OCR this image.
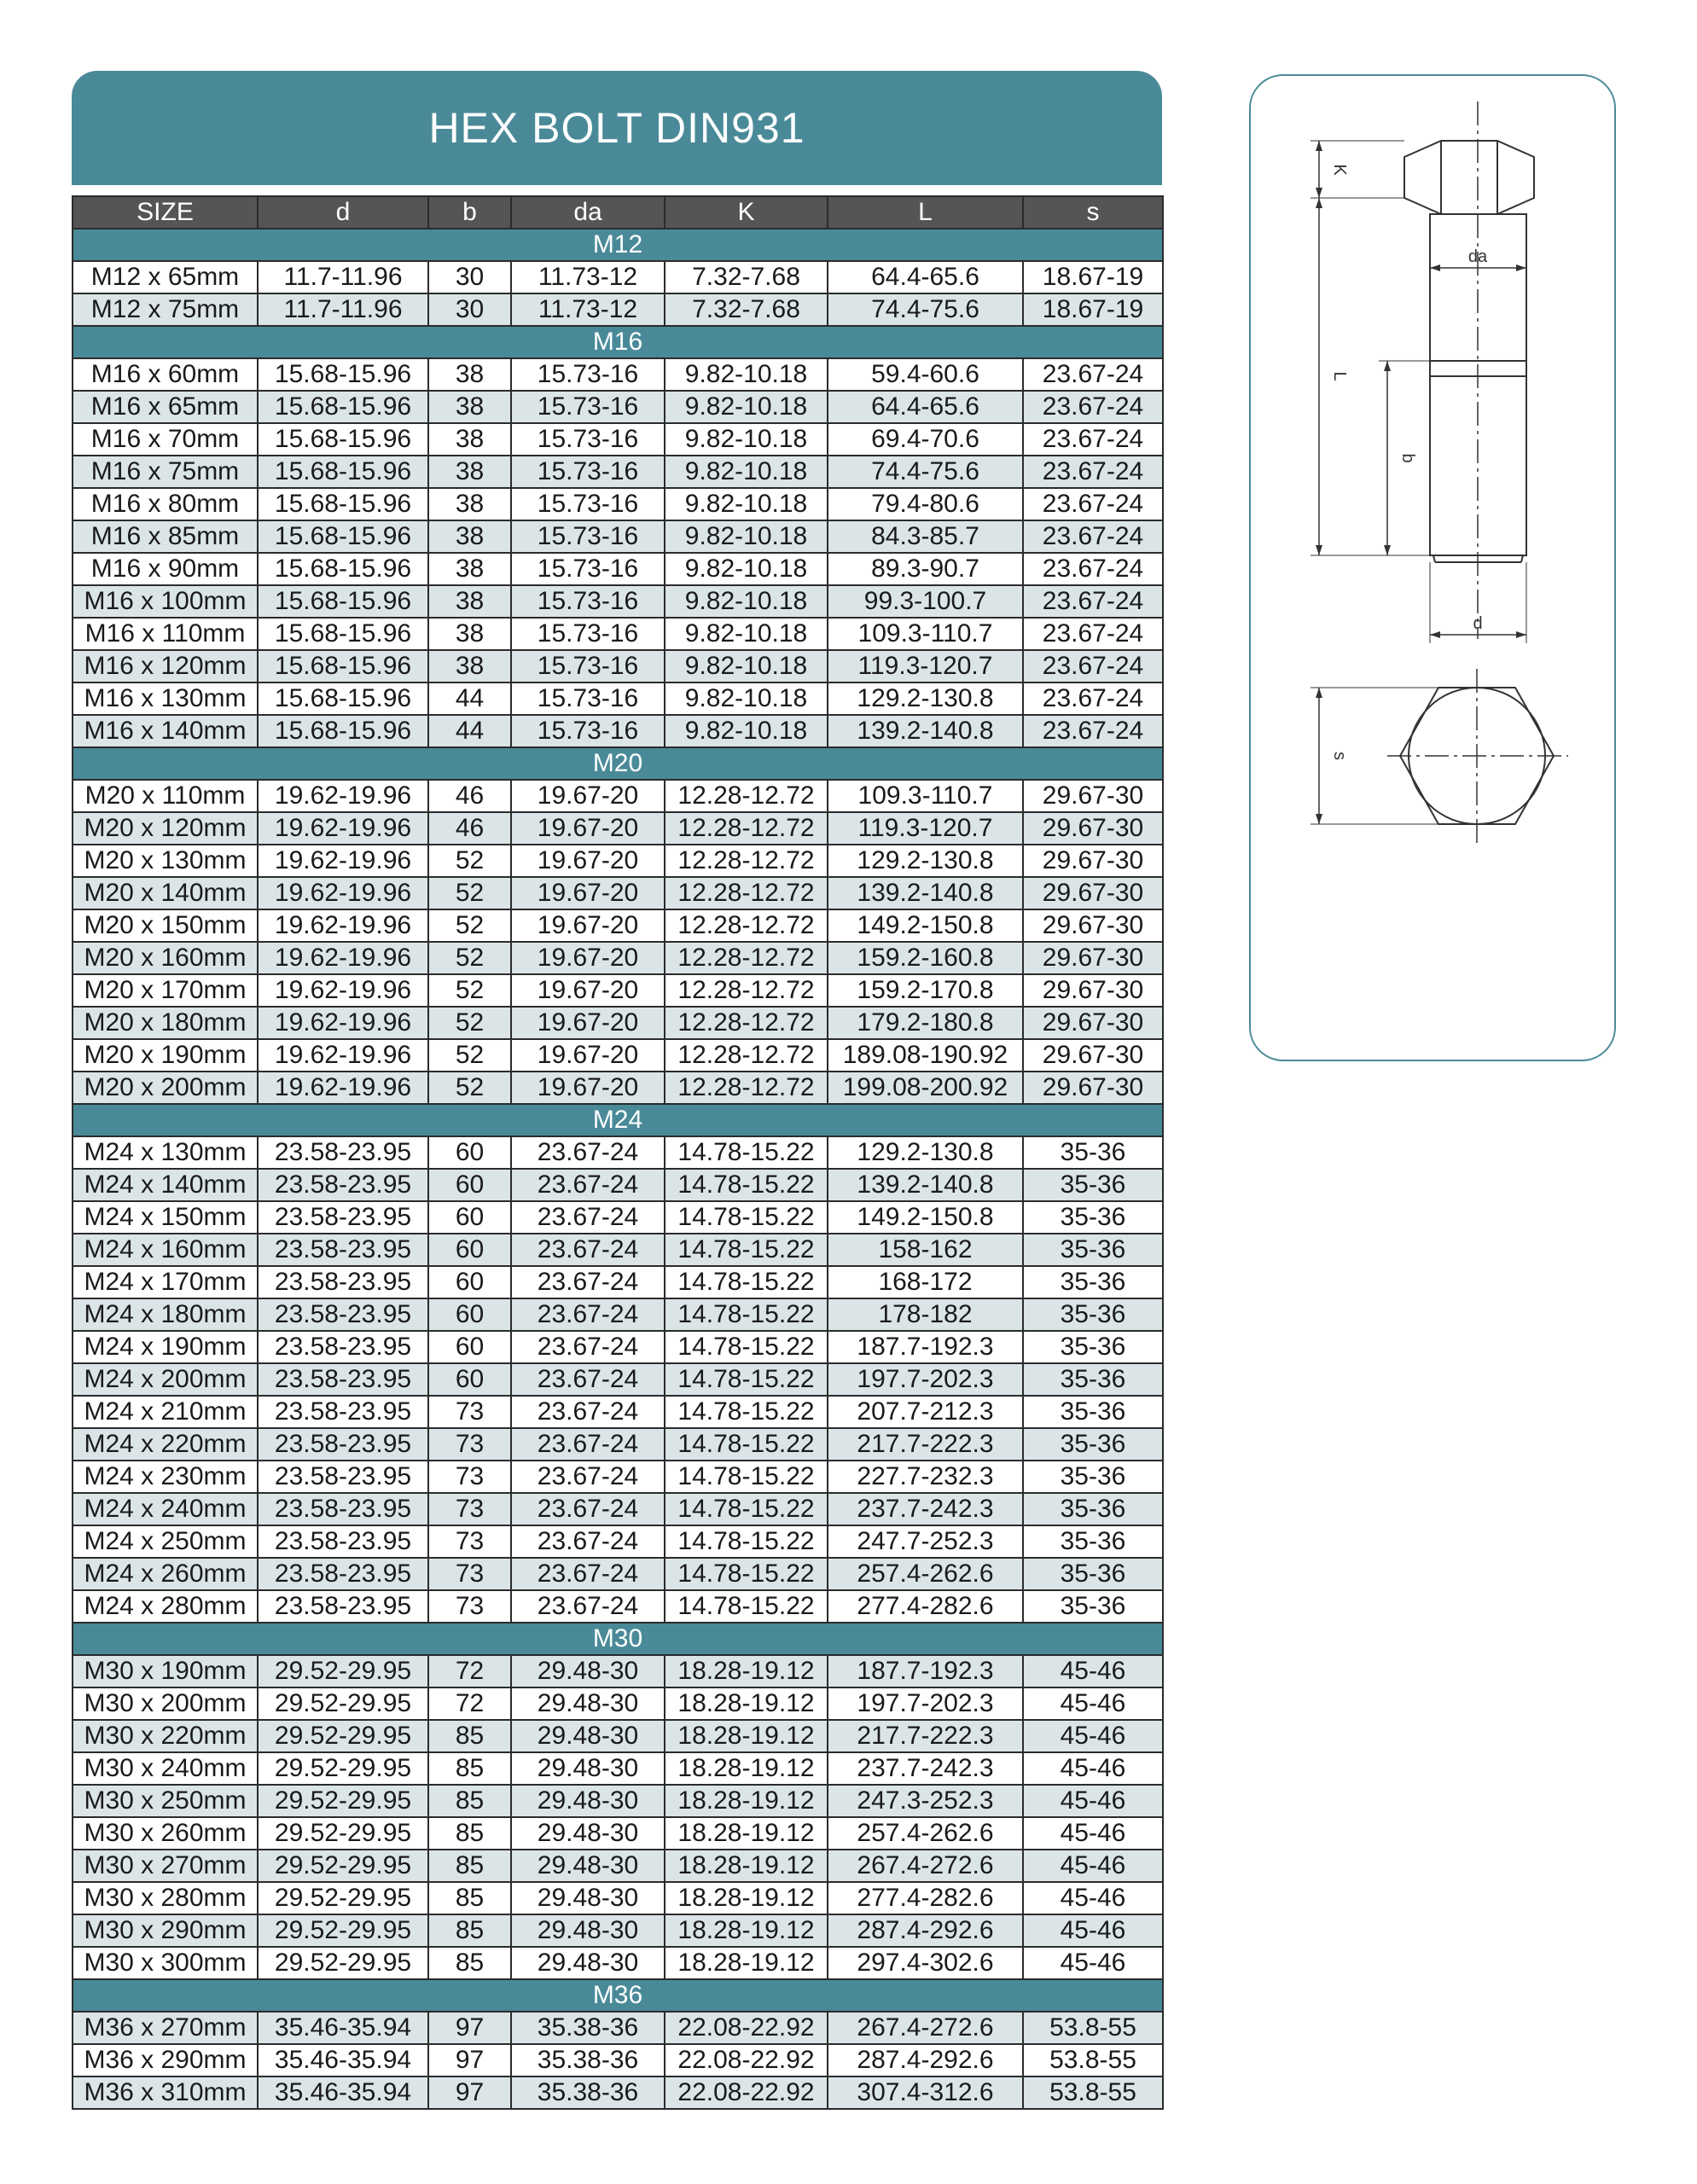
HEX BOLT DIN931
SIZE	d	b	da	K	L	s
M12						
M12 x 65mm	11.7-11.96	30	11.73-12	7.32-7.68	64.4-65.6	18.67-19
M12 x 75mm	11.7-11.96	30	11.73-12	7.32-7.68	74.4-75.6	18.67-19
M16						
M16 x 60mm	15.68-15.96	38	15.73-16	9.82-10.18	59.4-60.6	23.67-24
M16 x 65mm	15.68-15.96	38	15.73-16	9.82-10.18	64.4-65.6	23.67-24
M16 x 70mm	15.68-15.96	38	15.73-16	9.82-10.18	69.4-70.6	23.67-24
M16 x 75mm	15.68-15.96	38	15.73-16	9.82-10.18	74.4-75.6	23.67-24
M16 x 80mm	15.68-15.96	38	15.73-16	9.82-10.18	79.4-80.6	23.67-24
M16 x 85mm	15.68-15.96	38	15.73-16	9.82-10.18	84.3-85.7	23.67-24
M16 x 90mm	15.68-15.96	38	15.73-16	9.82-10.18	89.3-90.7	23.67-24
M16 x 100mm	15.68-15.96	38	15.73-16	9.82-10.18	99.3-100.7	23.67-24
M16 x 110mm	15.68-15.96	38	15.73-16	9.82-10.18	109.3-110.7	23.67-24
M16 x 120mm	15.68-15.96	38	15.73-16	9.82-10.18	119.3-120.7	23.67-24
M16 x 130mm	15.68-15.96	44	15.73-16	9.82-10.18	129.2-130.8	23.67-24
M16 x 140mm	15.68-15.96	44	15.73-16	9.82-10.18	139.2-140.8	23.67-24
M20						
M20 x 110mm	19.62-19.96	46	19.67-20	12.28-12.72	109.3-110.7	29.67-30
M20 x 120mm	19.62-19.96	46	19.67-20	12.28-12.72	119.3-120.7	29.67-30
M20 x 130mm	19.62-19.96	52	19.67-20	12.28-12.72	129.2-130.8	29.67-30
M20 x 140mm	19.62-19.96	52	19.67-20	12.28-12.72	139.2-140.8	29.67-30
M20 x 150mm	19.62-19.96	52	19.67-20	12.28-12.72	149.2-150.8	29.67-30
M20 x 160mm	19.62-19.96	52	19.67-20	12.28-12.72	159.2-160.8	29.67-30
M20 x 170mm	19.62-19.96	52	19.67-20	12.28-12.72	159.2-170.8	29.67-30
M20 x 180mm	19.62-19.96	52	19.67-20	12.28-12.72	179.2-180.8	29.67-30
M20 x 190mm	19.62-19.96	52	19.67-20	12.28-12.72	189.08-190.92	29.67-30
M20 x 200mm	19.62-19.96	52	19.67-20	12.28-12.72	199.08-200.92	29.67-30
M24						
M24 x 130mm	23.58-23.95	60	23.67-24	14.78-15.22	129.2-130.8	35-36
M24 x 140mm	23.58-23.95	60	23.67-24	14.78-15.22	139.2-140.8	35-36
M24 x 150mm	23.58-23.95	60	23.67-24	14.78-15.22	149.2-150.8	35-36
M24 x 160mm	23.58-23.95	60	23.67-24	14.78-15.22	158-162	35-36
M24 x 170mm	23.58-23.95	60	23.67-24	14.78-15.22	168-172	35-36
M24 x 180mm	23.58-23.95	60	23.67-24	14.78-15.22	178-182	35-36
M24 x 190mm	23.58-23.95	60	23.67-24	14.78-15.22	187.7-192.3	35-36
M24 x 200mm	23.58-23.95	60	23.67-24	14.78-15.22	197.7-202.3	35-36
M24 x 210mm	23.58-23.95	73	23.67-24	14.78-15.22	207.7-212.3	35-36
M24 x 220mm	23.58-23.95	73	23.67-24	14.78-15.22	217.7-222.3	35-36
M24 x 230mm	23.58-23.95	73	23.67-24	14.78-15.22	227.7-232.3	35-36
M24 x 240mm	23.58-23.95	73	23.67-24	14.78-15.22	237.7-242.3	35-36
M24 x 250mm	23.58-23.95	73	23.67-24	14.78-15.22	247.7-252.3	35-36
M24 x 260mm	23.58-23.95	73	23.67-24	14.78-15.22	257.4-262.6	35-36
M24 x 280mm	23.58-23.95	73	23.67-24	14.78-15.22	277.4-282.6	35-36
M30						
M30 x 190mm	29.52-29.95	72	29.48-30	18.28-19.12	187.7-192.3	45-46
M30 x 200mm	29.52-29.95	72	29.48-30	18.28-19.12	197.7-202.3	45-46
M30 x 220mm	29.52-29.95	85	29.48-30	18.28-19.12	217.7-222.3	45-46
M30 x 240mm	29.52-29.95	85	29.48-30	18.28-19.12	237.7-242.3	45-46
M30 x 250mm	29.52-29.95	85	29.48-30	18.28-19.12	247.3-252.3	45-46
M30 x 260mm	29.52-29.95	85	29.48-30	18.28-19.12	257.4-262.6	45-46
M30 x 270mm	29.52-29.95	85	29.48-30	18.28-19.12	267.4-272.6	45-46
M30 x 280mm	29.52-29.95	85	29.48-30	18.28-19.12	277.4-282.6	45-46
M30 x 290mm	29.52-29.95	85	29.48-30	18.28-19.12	287.4-292.6	45-46
M30 x 300mm	29.52-29.95	85	29.48-30	18.28-19.12	297.4-302.6	45-46
M36						
M36 x 270mm	35.46-35.94	97	35.38-36	22.08-22.92	267.4-272.6	53.8-55
M36 x 290mm	35.46-35.94	97	35.38-36	22.08-22.92	287.4-292.6	53.8-55
M36 x 310mm	35.46-35.94	97	35.38-36	22.08-22.92	307.4-312.6	53.8-55
K
da
L
b
d
s
